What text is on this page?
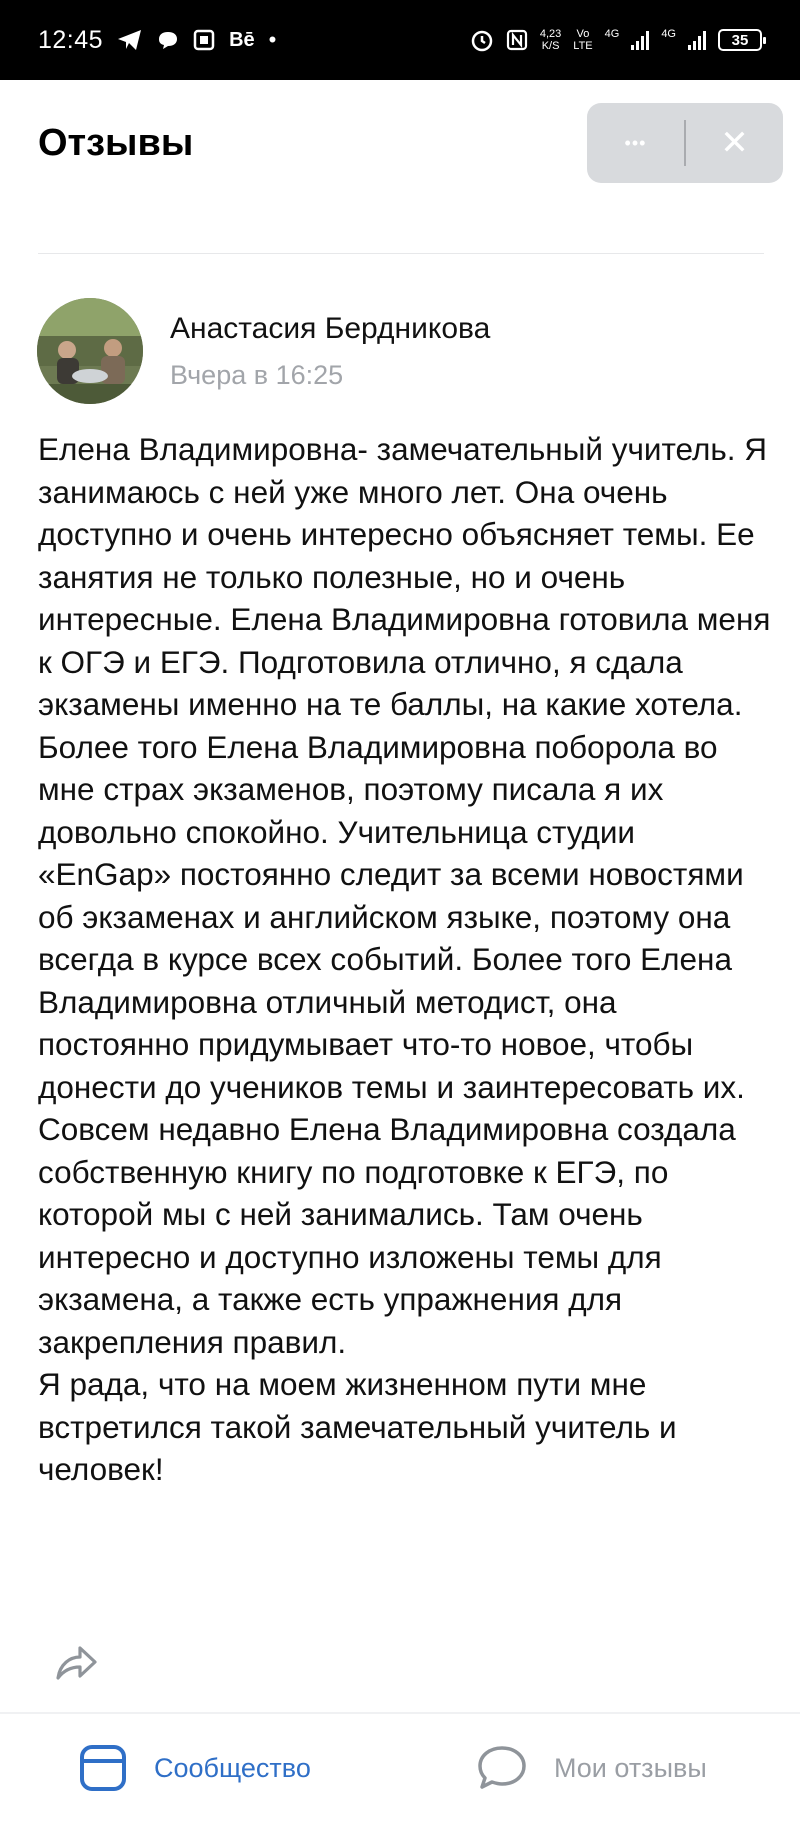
12:45	Bē •	4,23
K/S
Vo
LTE
4G	4G	35
Отзывы	••• ✕
Анастасия Бердникова
Вчера в 16:25
Елена Владимировна- замечательный учитель. Я занимаюсь с ней уже много лет. Она очень доступно и очень интересно объясняет темы. Ее занятия не только полезные, но и очень интересные. Елена Владимировна готовила меня к ОГЭ и ЕГЭ. Подготовила отлично, я сдала экзамены именно на те баллы, на какие хотела. Более того Елена Владимировна поборола во мне страх экзаменов, поэтому писала я их довольно спокойно. Учительница студии «EnGap» постоянно следит за всеми новостями об экзаменах и английском языке, поэтому она всегда в курсе всех событий. Более того Елена Владимировна отличный методист, она постоянно придумывает что-то новое, чтобы донести до учеников темы и заинтересовать их. Совсем недавно Елена Владимировна создала собственную книгу по подготовке к ЕГЭ, по которой мы с ней занимались. Там очень интересно и доступно изложены темы для экзамена, а также есть упражнения для закрепления правил.
Я рада, что на моем жизненном пути мне встретился такой замечательный учитель и человек!
Сообщество	Мои отзывы
